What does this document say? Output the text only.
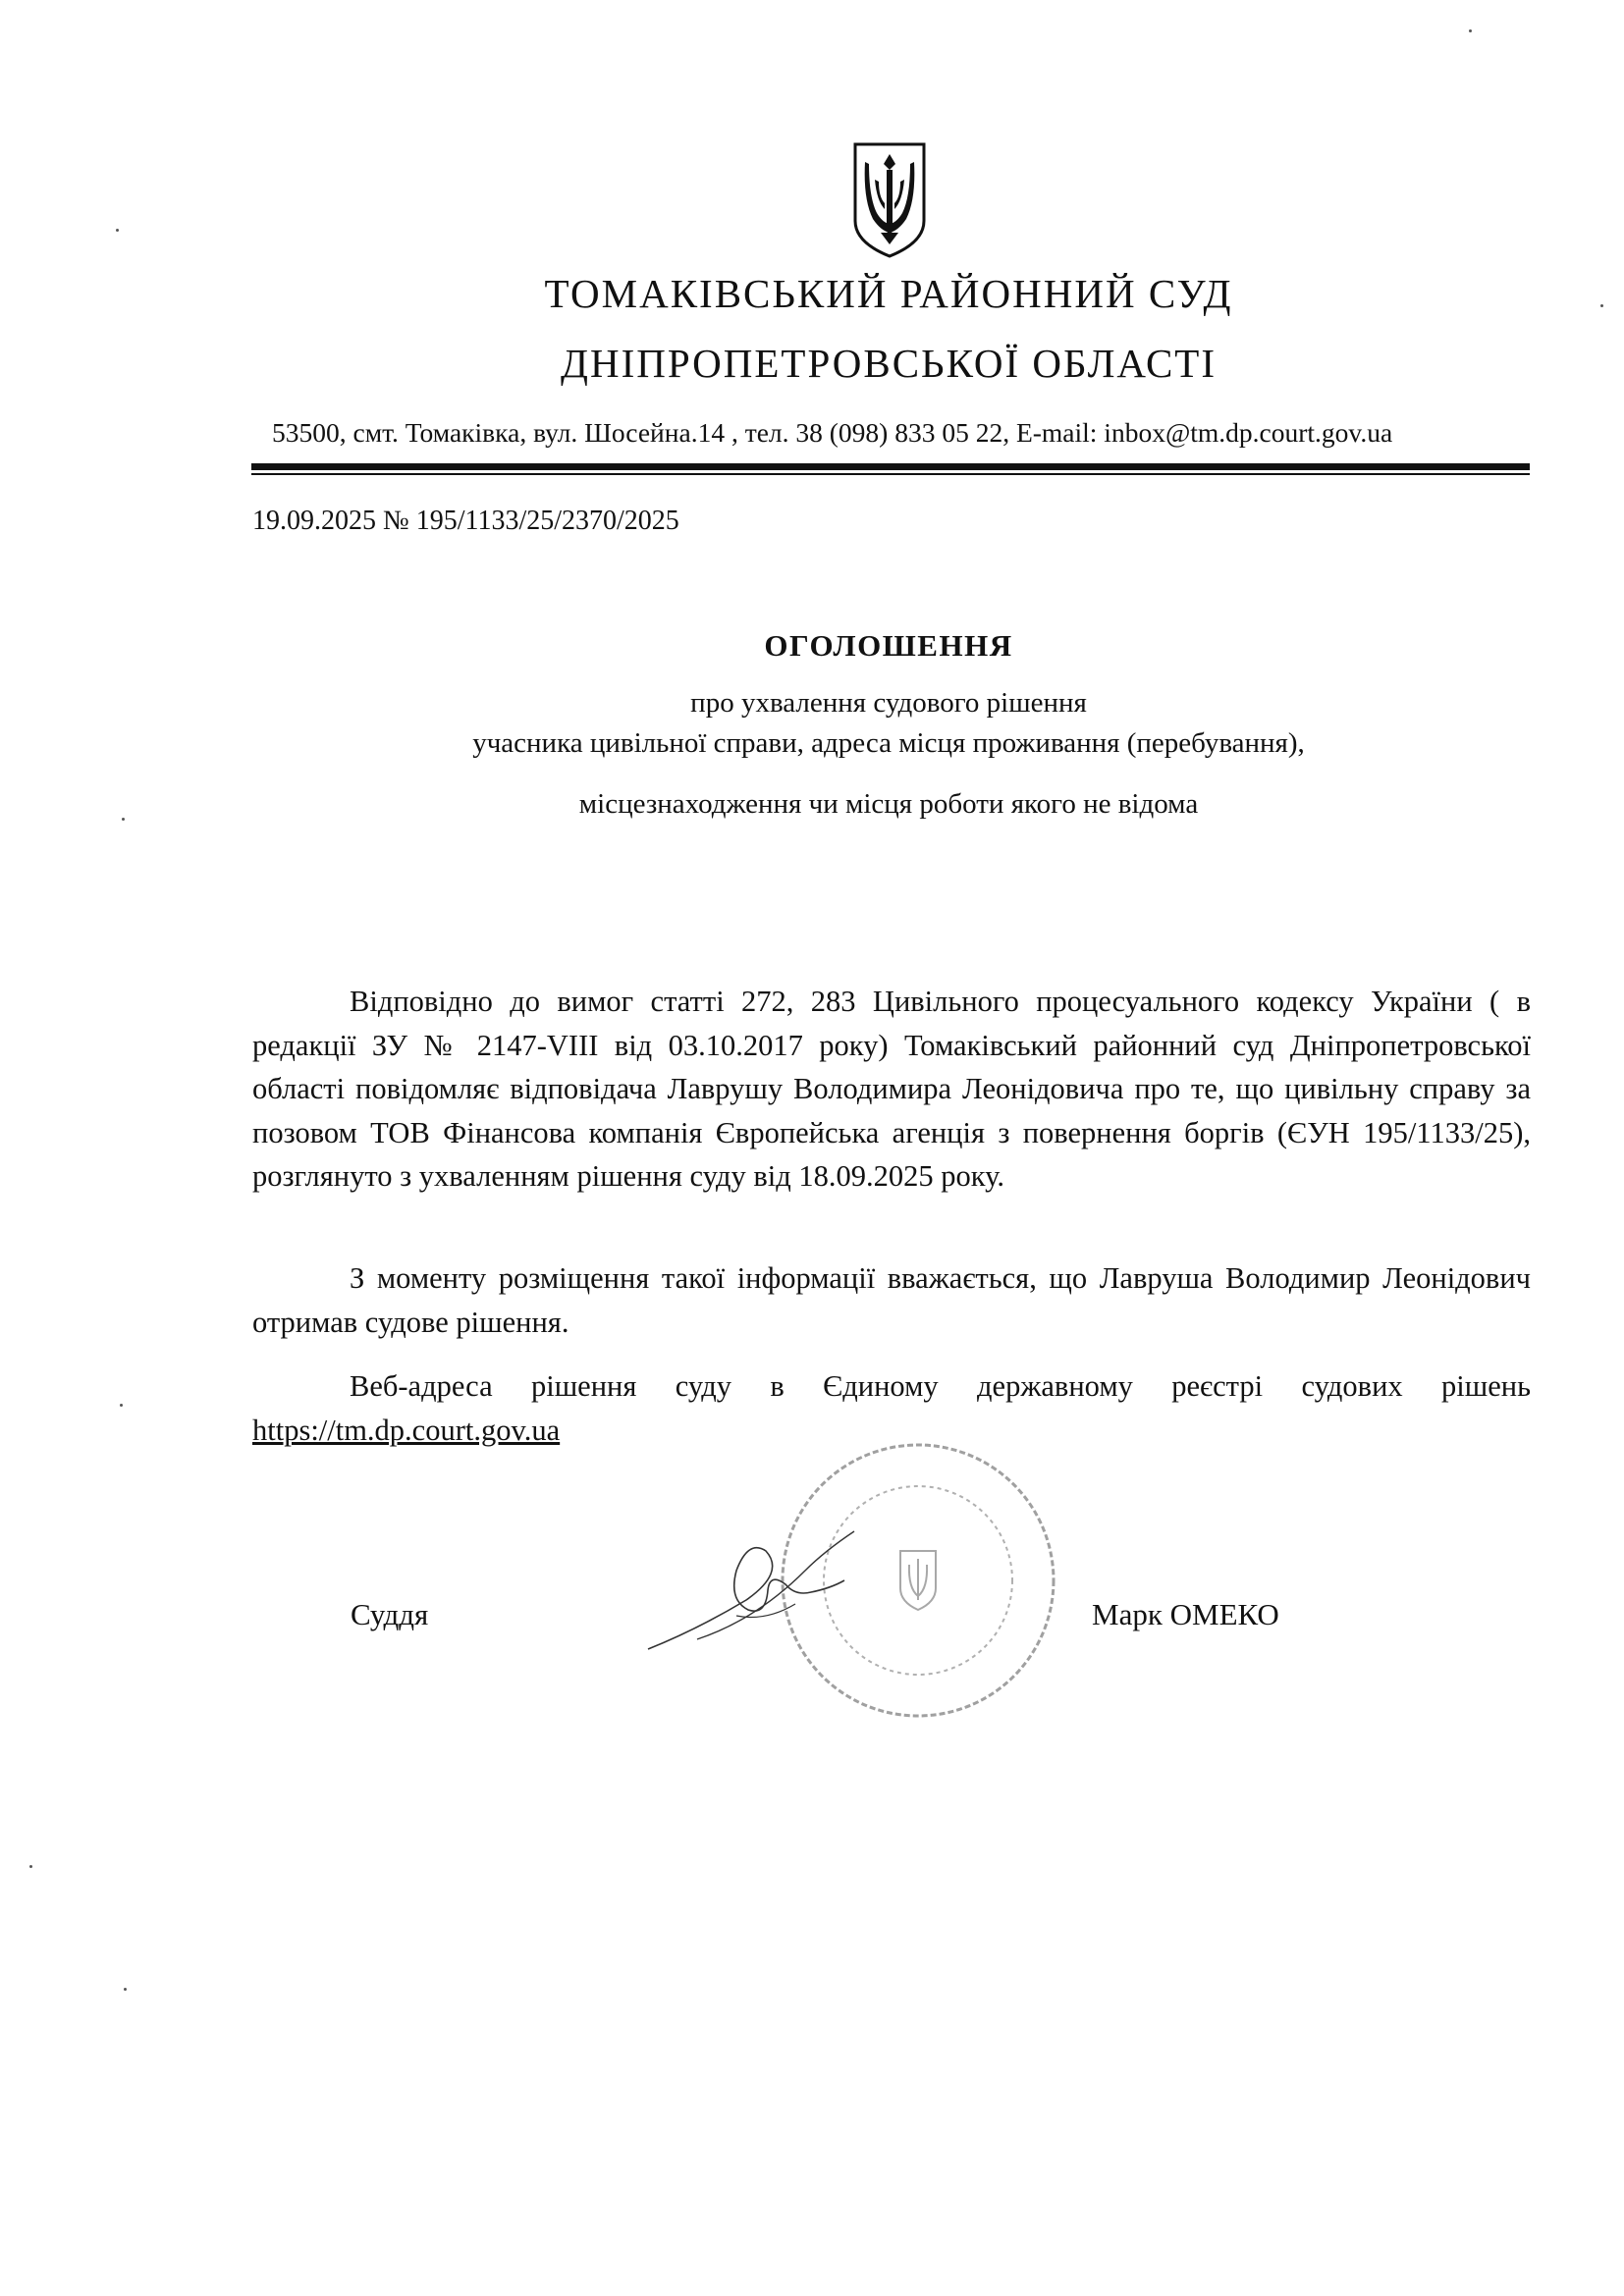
ТОМАКІВСЬКИЙ РАЙОННИЙ СУД
ДНІПРОПЕТРОВСЬКОЇ ОБЛАСТІ
53500, смт. Томаківка, вул. Шосейна.14 , тел. 38 (098) 833 05 22, E-mail: inbox@tm.dp.court.gov.ua
19.09.2025 № 195/1133/25/2370/2025
ОГОЛОШЕННЯ
про ухвалення судового рішення
учасника цивільної справи, адреса місця проживання (перебування),
місцезнаходження чи місця роботи якого не відома

Відповідно до вимог статті 272, 283 Цивільного процесуального кодексу України ( в редакції ЗУ № 2147-VIII від 03.10.2017 року) Томаківський районний суд Дніпропетровської області повідомляє відповідача Лаврушу Володимира Леонідовича про те, що цивільну справу за позовом ТОВ Фінансова компанія Європейська агенція з повернення боргів (ЄУН 195/1133/25), розглянуто з ухваленням рішення суду від 18.09.2025 року.

З моменту розміщення такої інформації вважається, що Лавруша Володимир Леонідович отримав судове рішення.

Веб-адреса рішення суду в Єдиному державному реєстрі судових рішень https://tm.dp.court.gov.ua

Суддя	Марк ОМЕКО
